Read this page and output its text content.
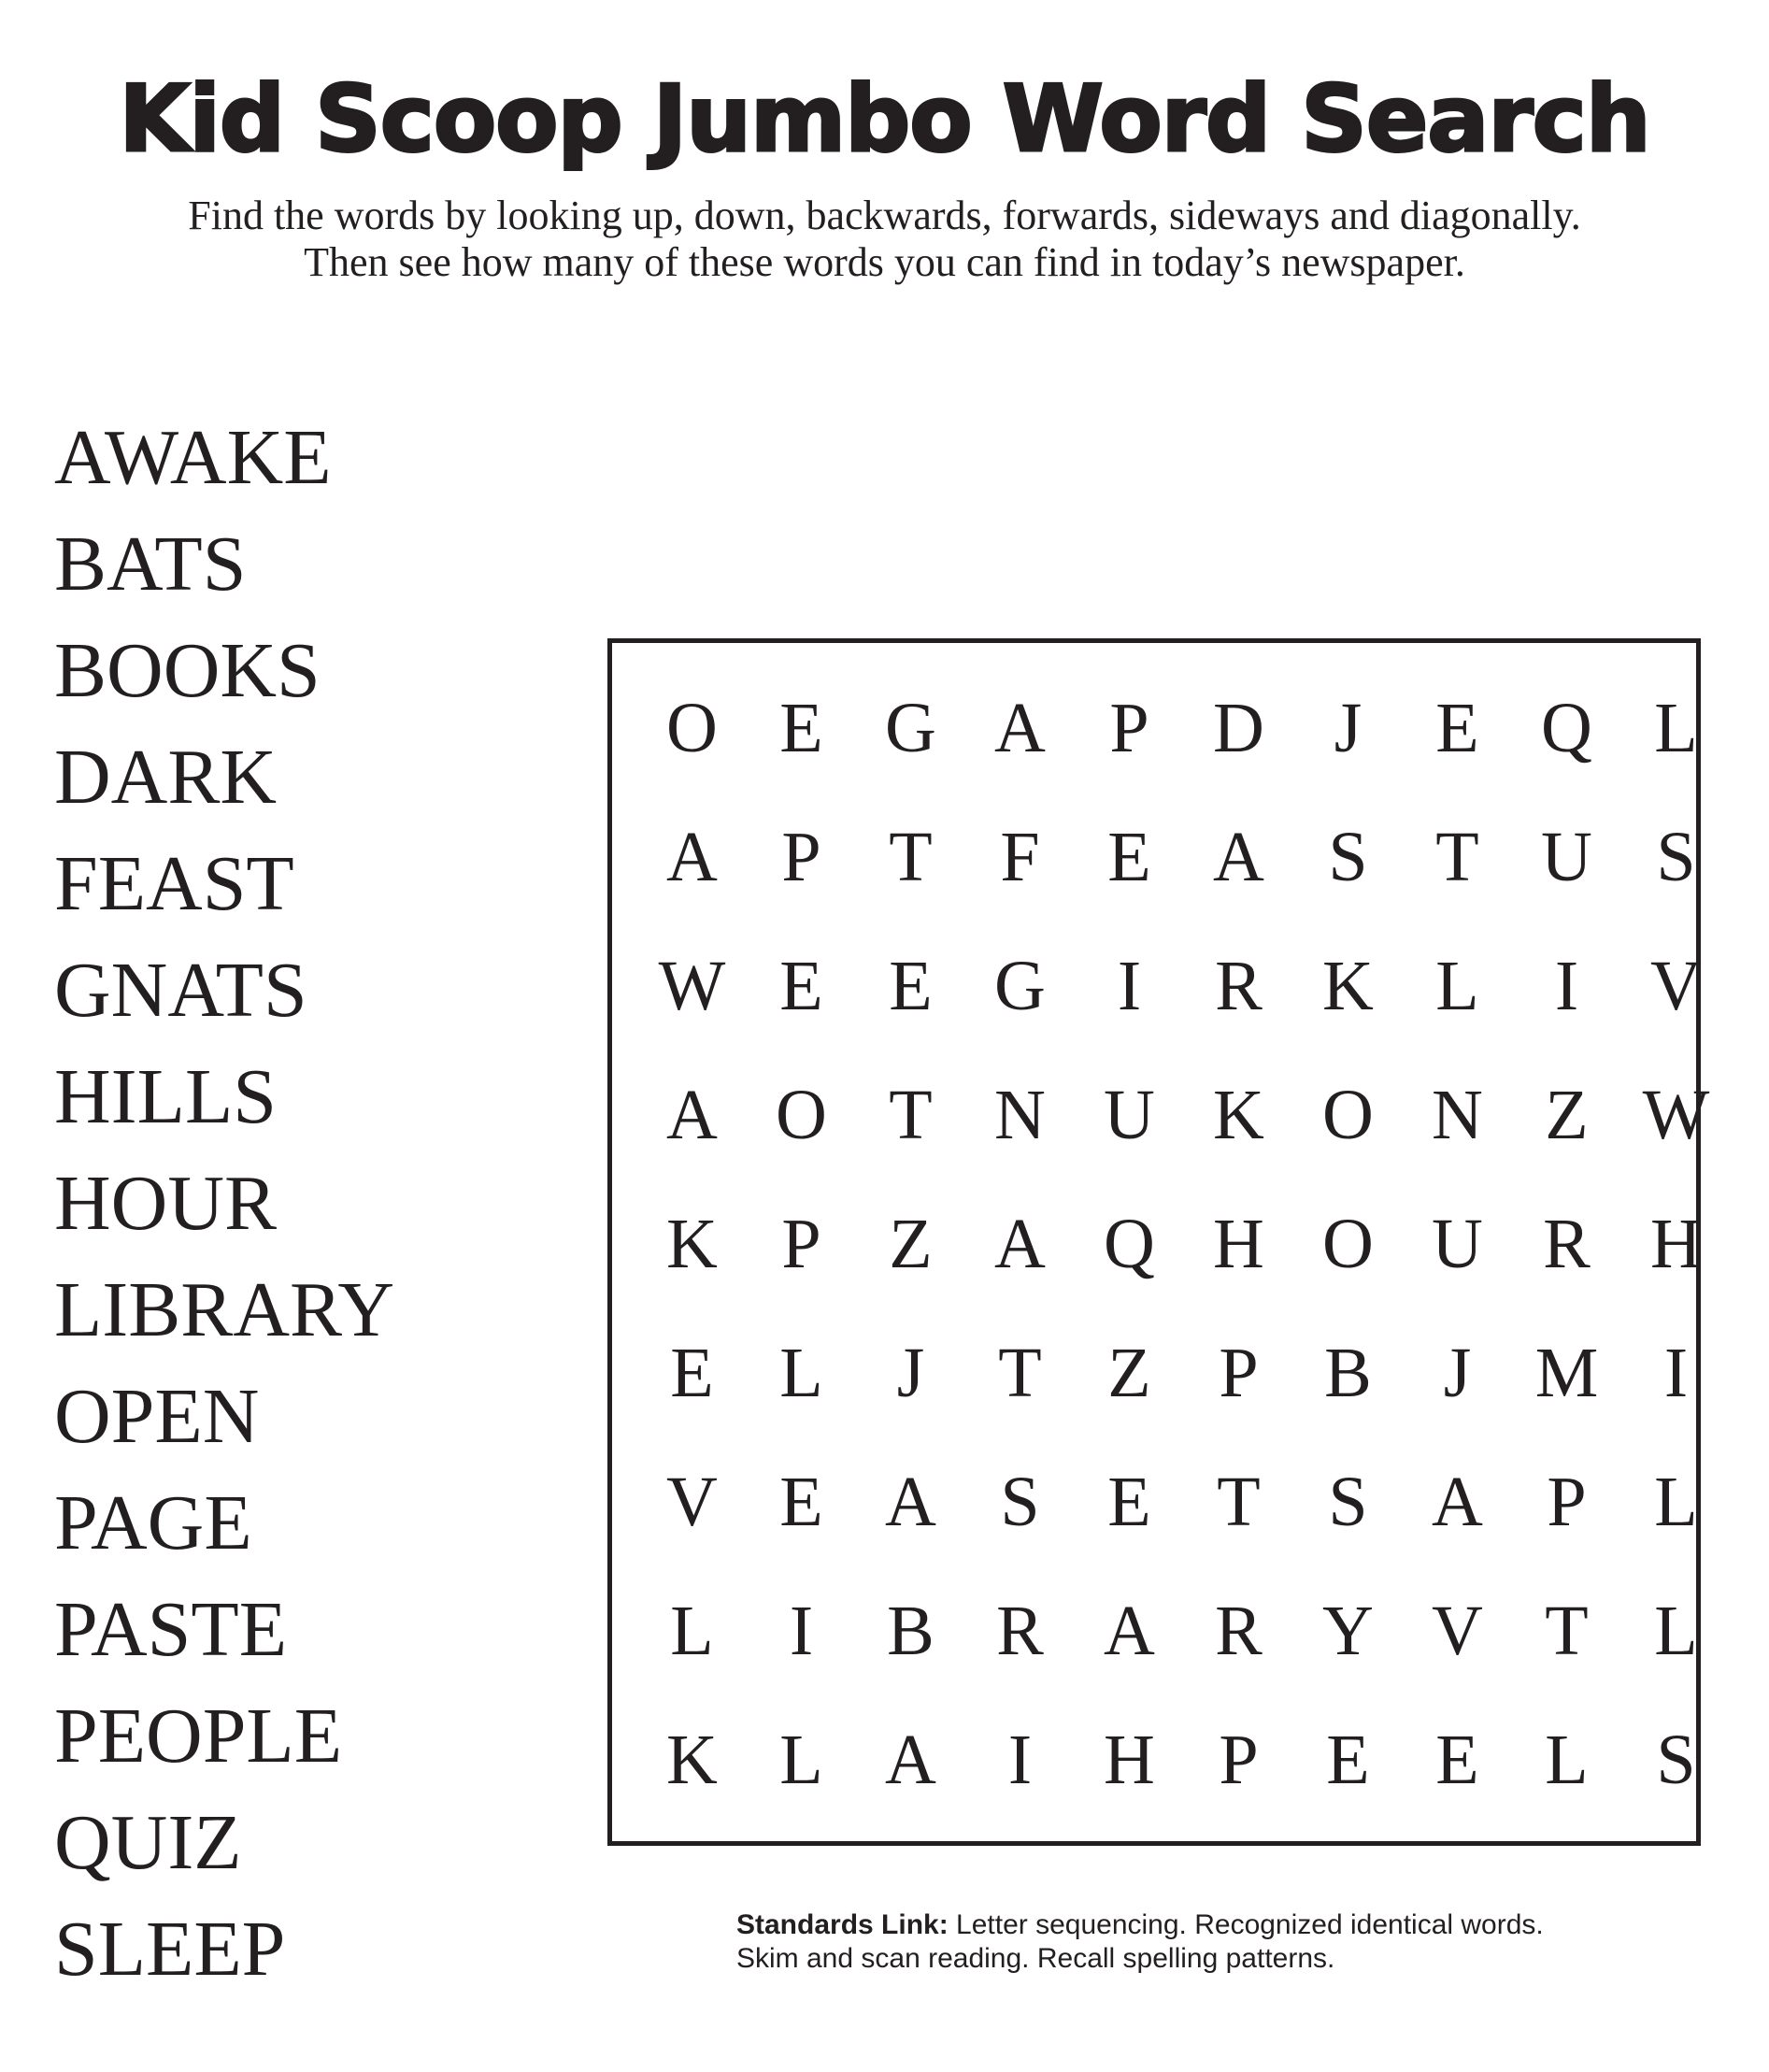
Kid Scoop Jumbo Word Search
Find the words by looking up, down, backwards, forwards, sideways and diagonally.
Then see how many of these words you can find in today’s newspaper.
AWAKE
BATS
BOOKS
DARK
FEAST
GNATS
HILLS
HOUR
LIBRARY
OPEN
PAGE
PASTE
PEOPLE
QUIZ
SLEEP
O E G A P D J	E Q L
A P T F E A S T U S
W E E G	I	R K L	I	V
A O T N U K O N Z W
K P Z A Q H O U R H
E L	J	T Z P B	J M I
V E A S E T S A P L
L	I	B R A R Y V T L
K L A	I	H P E E L S
Standards Link: Letter sequencing. Recognized identical words.
Skim and scan reading. Recall spelling patterns.
